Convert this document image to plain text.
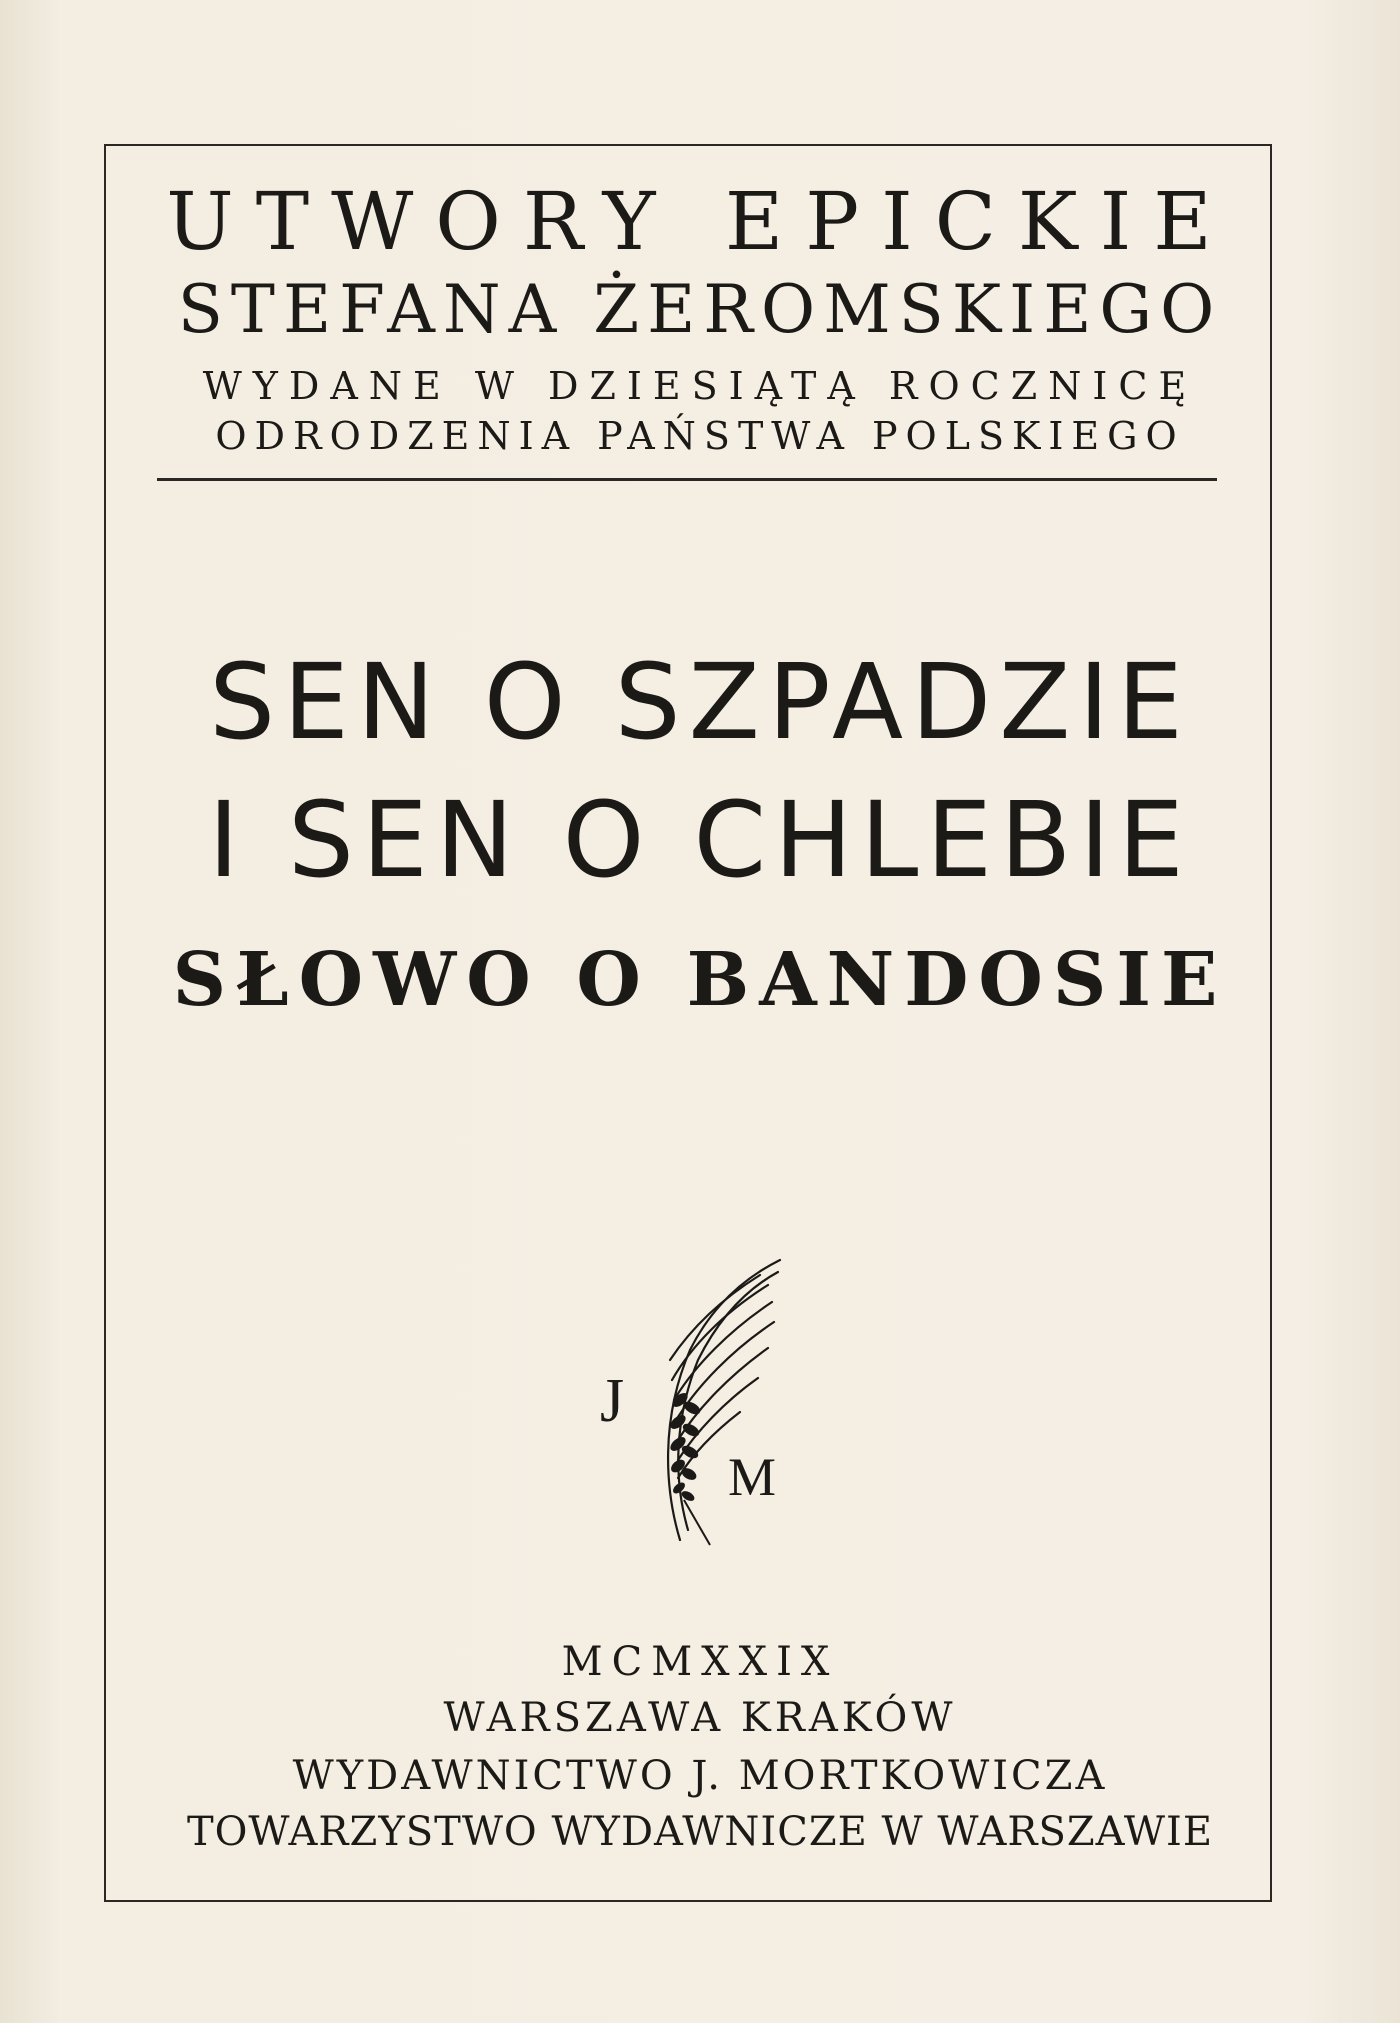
UTWORY EPICKIE
STEFANA ŻEROMSKIEGO
WYDANE W DZIESIĄTĄ ROCZNICĘ
ODRODZENIA PAŃSTWA POLSKIEGO
SEN O SZPADZIE
I SEN O CHLEBIE
SŁOWO O BANDOSIE
J
M
MCMXXIX
WARSZAWA KRAKÓW
WYDAWNICTWO J. MORTKOWICZA
TOWARZYSTWO WYDAWNICZE W WARSZAWIE
